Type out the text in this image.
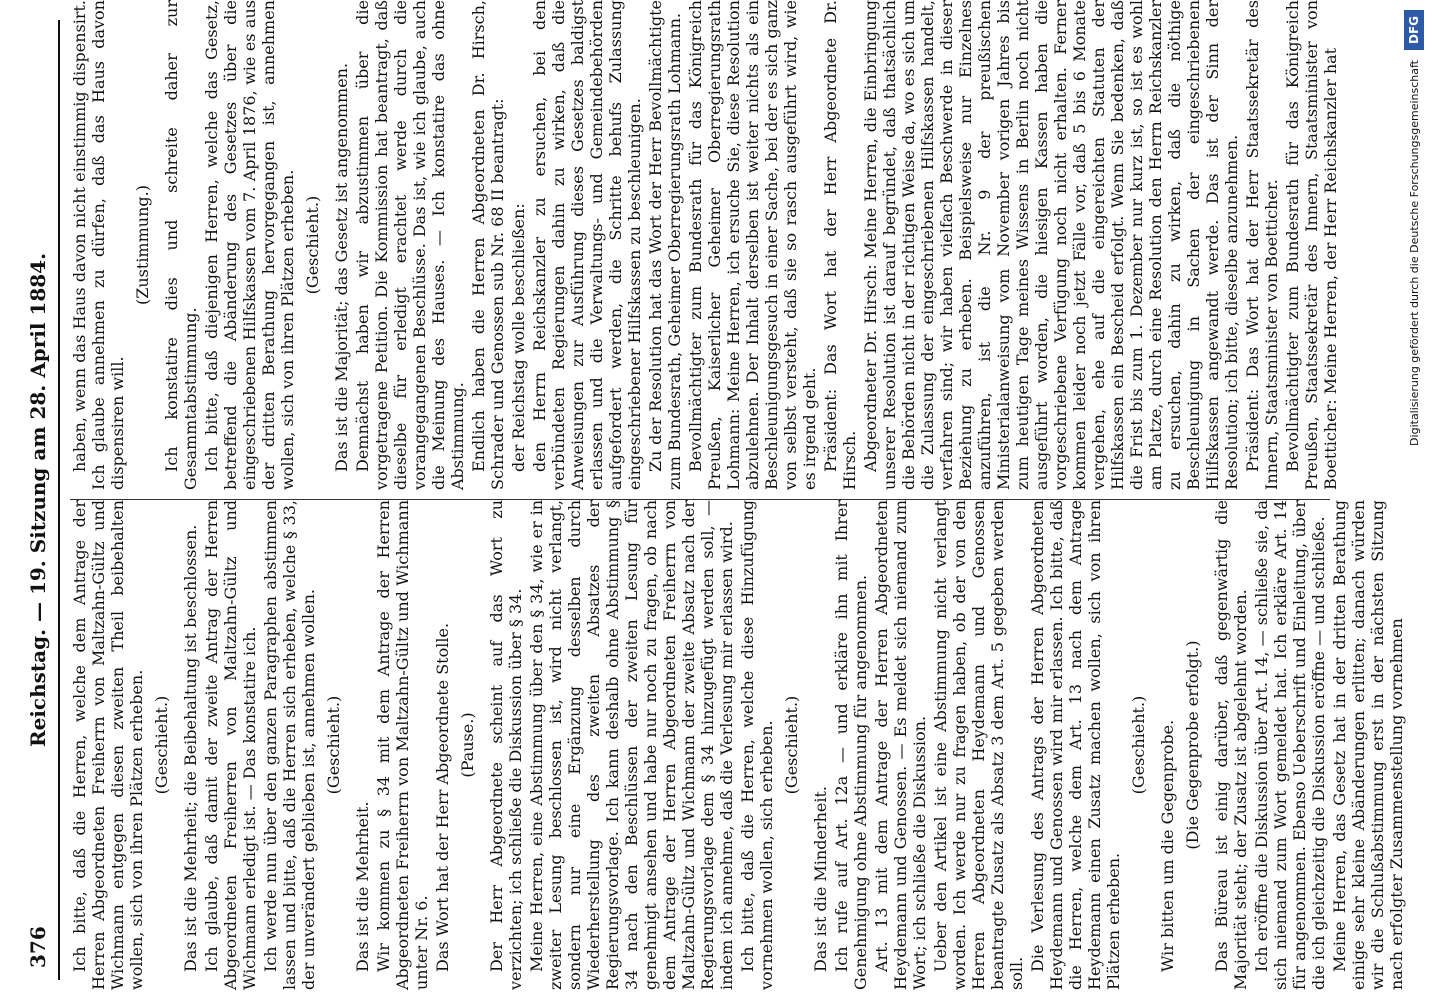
376
Reichstag. — 19. Sitzung am 28. April 1884. Ich bitte, daß die Herren, welche dem Antrage der Herren Abgeordneten Freiherrn von Maltzahn-Gültz und Wichmann entgegen diesen zweiten Theil beibehalten wollen, sich von ihren Plätzen erheben. (Geschieht.) Das ist die Mehrheit; die Beibehaltung ist beschlossen. Ich glaube, daß damit der zweite Antrag der Herren Abgeordneten Freiherren von Maltzahn-Gültz und Wichmann erledigt ist. — Das konstatire ich. Ich werde nun über den ganzen Paragraphen abstimmen lassen und bitte, daß die Herren sich erheben, welche § 33, der unverändert geblieben ist, annehmen wollen. (Geschieht.)

Das ist die Mehrheit. Wir kommen zu § 34 mit dem Antrage der Herren Abgeordneten Freiherrn von Maltzahn-Gültz und Wichmann unter Nr. 6. Das Wort hat der Herr Abgeordnete Stolle. (Pause.) Der Herr Abgeordnete scheint auf das Wort zu verzichten; ich schließe die Diskussion über § 34. Meine Herren, eine Abstimmung über den § 34, wie er in zweiter Lesung beschlossen ist, wird nicht verlangt, sondern nur eine Ergänzung desselben durch Wiederherstellung des zweiten Absatzes der Regierungsvorlage. Ich kann deshalb ohne Abstimmung § 34 nach den Beschlüssen der zweiten Lesung für genehmigt ansehen und habe nur noch zu fragen, ob nach dem Antrage der Herren Abgeordneten Freiherrn von Maltzahn-Gültz und Wichmann der zweite Absatz nach der Regierungsvorlage dem § 34 hinzugefügt werden soll, — indem ich annehme, daß die Verlesung mir erlassen wird. Ich bitte, daß die Herren, welche diese Hinzufügung vornehmen wollen, sich erheben. (Geschieht.)

Das ist die Minderheit. Ich rufe auf Art. 12a — und erkläre ihn mit Ihrer Genehmigung ohne Abstimmung für angenommen. Art. 13 mit dem Antrage der Herren Abgeordneten Heydemann und Genossen. — Es meldet sich niemand zum Wort; ich schließe die Diskussion. Ueber den Artikel ist eine Abstimmung nicht verlangt worden. Ich werde nur zu fragen haben, ob der von den Herren Abgeordneten Heydemann und Genossen beantragte Zusatz als Absatz 3 dem Art. 5 gegeben werden soll.

Die Verlesung des Antrags der Herren Abgeordneten Heydemann und Genossen wird mir erlassen. Ich bitte, daß die Herren, welche dem Art. 13 nach dem Antrage Heydemann einen Zusatz machen wollen, sich von ihren Plätzen erheben.

(Geschieht.) Wir bitten um die Gegenprobe. (Die Gegenprobe erfolgt.) Das Büreau ist einig darüber, daß gegenwärtig die Majorität steht; der Zusatz ist abgelehnt worden. Ich eröffne die Diskussion über Art. 14, — schließe sie, da sich niemand zum Wort gemeldet hat. Ich erkläre Art. 14 für angenommen. Ebenso Ueberschrift und Einleitung, über die ich gleichzeitig die Diskussion eröffne — und schließe. Meine Herren, das Gesetz hat in der dritten Berathung einige sehr kleine Abänderungen erlitten; danach würden wir die Schlußabstimmung erst in der nächsten Sitzung nach erfolgter Zusammenstellung vornehmen

haben, wenn das Haus davon nicht einstimmig dispensirt. Ich glaube annehmen zu dürfen, daß das Haus davon dispensiren will.

(Zustimmung.) Ich konstatire dies und schreite daher zur Gesammtabstimmung. Ich bitte, daß diejenigen Herren, welche das Gesetz, betreffend die Abänderung des Gesetzes über die eingeschriebenen Hilfskassen vom 7. April 1876, wie es aus der dritten Berathung hervorgegangen ist, annehmen wollen, sich von ihren Plätzen erheben. (Geschieht.) Das ist die Majorität; das Gesetz ist angenommen. Demnächst haben wir abzustimmen über die vorgetragene Petition. Die Kommission hat beantragt, daß dieselbe für erledigt erachtet werde durch die vorangegangenen Beschlüsse. Das ist, wie ich glaube, auch die Meinung des Hauses. — Ich konstatire das ohne Abstimmung. Endlich haben die Herren Abgeordneten Dr. Hirsch, Schrader und Genossen sub Nr. 68 II beantragt: der Reichstag wolle beschließen: den Herrn Reichskanzler zu ersuchen, bei den verbündeten Regierungen dahin zu wirken, daß die Anweisungen zur Ausführung dieses Gesetzes baldigst erlassen und die Verwaltungs- und Gemeindebehörden aufgefordert werden, die Schritte behufs Zulassung eingeschriebener Hilfskassen zu beschleunigen. Zu der Resolution hat das Wort der Herr Bevollmächtigte zum Bundesrath, Geheimer Oberregierungsrath Lohmann. Bevollmächtigter zum Bundesrath für das Königreich Preußen, Kaiserlicher Geheimer Oberregierungsrath Lohmann: Meine Herren, ich ersuche Sie, diese Resolution abzulehnen. Der Inhalt derselben ist weiter nichts als ein Beschleunigungsgesuch in einer Sache, bei der es sich ganz von selbst versteht, daß sie so rasch ausgeführt wird, wie es irgend geht. Präsident: Das Wort hat der Herr Abgeordnete Dr. Hirsch. Abgeordneter Dr. Hirsch: Meine Herren, die Einbringung unserer Resolution ist darauf begründet, daß thatsächlich die Behörden nicht in der richtigen Weise da, wo es sich um die Zulassung der eingeschriebenen Hilfskassen handelt, verfahren sind; wir haben vielfach Beschwerde in dieser Beziehung zu erheben. Beispielsweise nur Einzelnes anzuführen, ist die Nr. 9 der preußischen Ministerialanweisung vom November vorigen Jahres bis zum heutigen Tage meines Wissens in Berlin noch nicht ausgeführt worden, die hiesigen Kassen haben die vorgeschriebene Verfügung noch nicht erhalten. Ferner kommen leider noch jetzt Fälle vor, daß 5 bis 6 Monate vergehen, ehe auf die eingereichten Statuten der Hilfskassen ein Bescheid erfolgt. Wenn Sie bedenken, daß die Frist bis zum 1. Dezember nur kurz ist, so ist es wohl am Platze, durch eine Resolution den Herrn Reichskanzler zu ersuchen, dahin zu wirken, daß die nöthige Beschleunigung in Sachen der eingeschriebenen Hilfskassen angewandt werde. Das ist der Sinn der Resolution; ich bitte, dieselbe anzunehmen. Präsident: Das Wort hat der Herr Staatssekretär des Innern, Staatsminister von Boetticher. Bevollmächtigter zum Bundesrath für das Königreich Preußen, Staatssekretär des Innern, Staatsminister von Boetticher: Meine Herren, der Herr Reichskanzler hat	Digitalisierung gefördert durch die Deutsche Forschungsgemeinschaft
DFG
